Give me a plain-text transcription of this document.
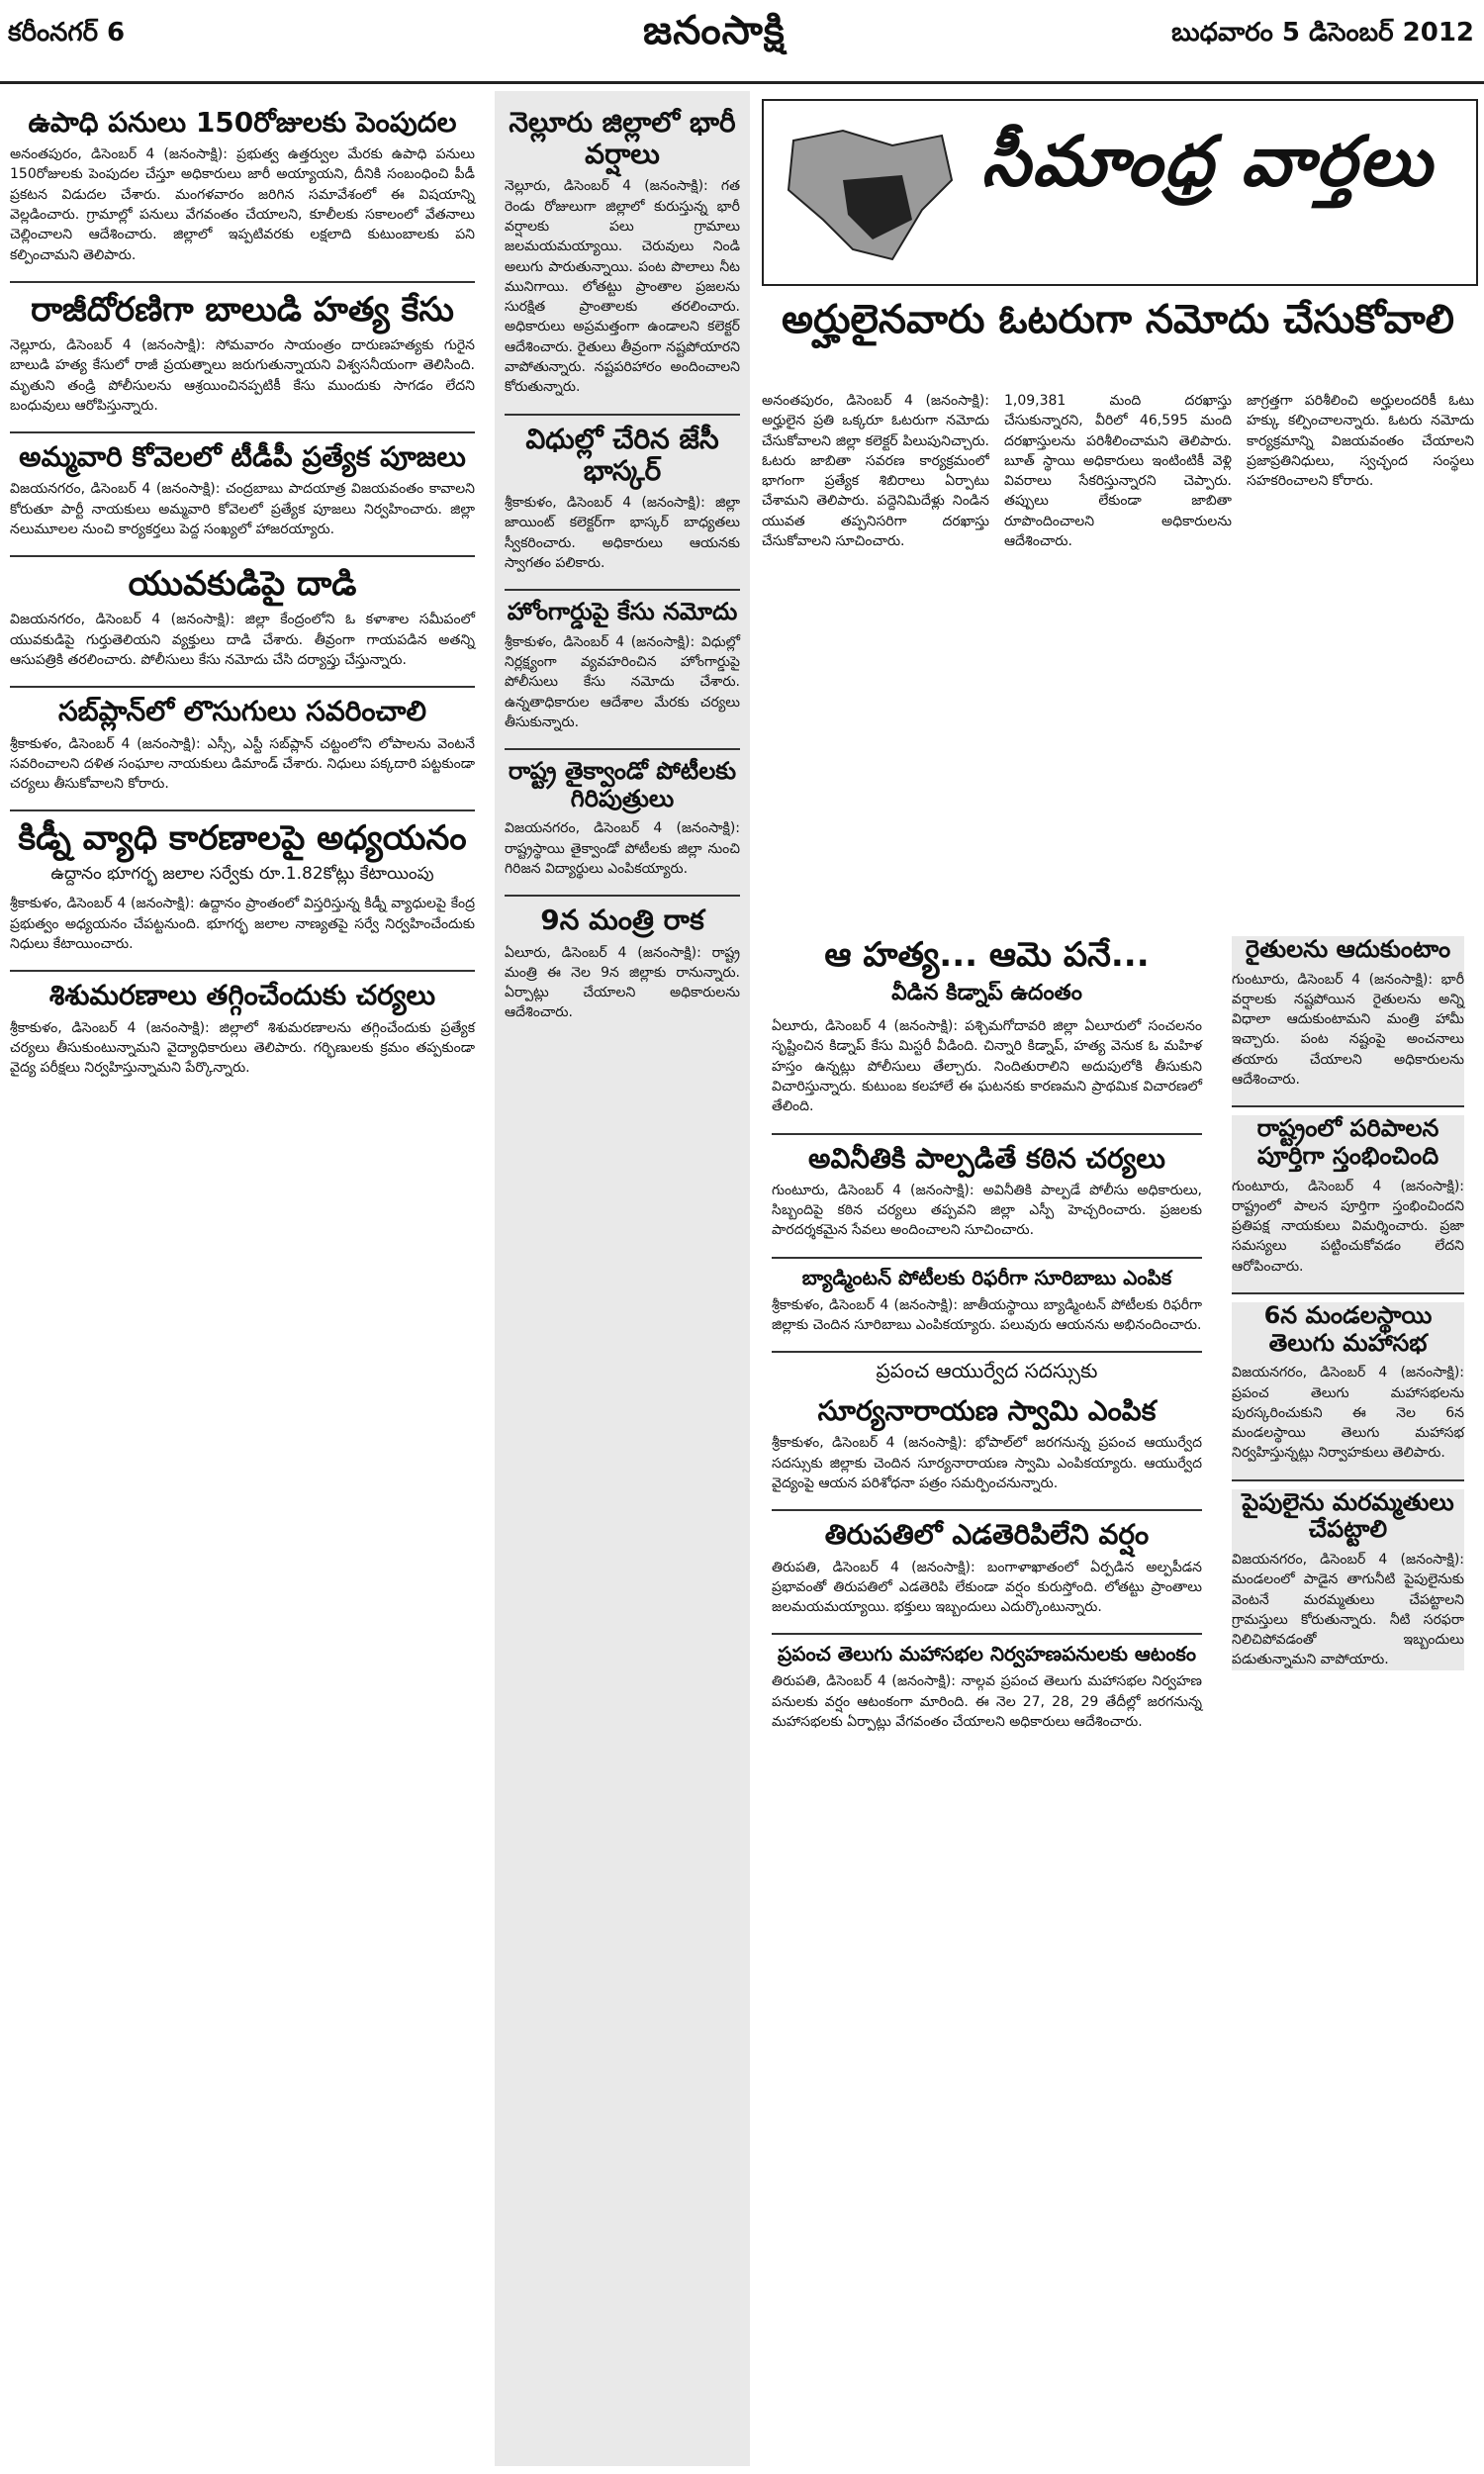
కరీంనగర్ 6	జనంసాక్షి	బుధవారం 5 డిసెంబర్ 2012
ఉపాధి పనులు 150రోజులకు పెంపుదల

అనంతపురం, డిసెంబర్ 4 (జనంసాక్షి): ప్రభుత్వ ఉత్తర్వుల మేరకు ఉపాధి పనులు 150రోజులకు పెంపుదల చేస్తూ అధికారులు జారీ అయ్యాయని, దీనికి సంబంధించి పీడీ ప్రకటన విడుదల చేశారు. మంగళవారం జరిగిన సమావేశంలో ఈ విషయాన్ని వెల్లడించారు. గ్రామాల్లో పనులు వేగవంతం చేయాలని, కూలీలకు సకాలంలో వేతనాలు చెల్లించాలని ఆదేశించారు. జిల్లాలో ఇప్పటివరకు లక్షలాది కుటుంబాలకు పని కల్పించామని తెలిపారు.

రాజీదోరణిగా బాలుడి హత్య కేసు

నెల్లూరు, డిసెంబర్ 4 (జనంసాక్షి): సోమవారం సాయంత్రం దారుణహత్యకు గురైన బాలుడి హత్య కేసులో రాజీ ప్రయత్నాలు జరుగుతున్నాయని విశ్వసనీయంగా తెలిసింది. మృతుని తండ్రి పోలీసులను ఆశ్రయించినప్పటికీ కేసు ముందుకు సాగడం లేదని బంధువులు ఆరోపిస్తున్నారు.

అమ్మవారి కోవెలలో టీడీపీ ప్రత్యేక పూజలు

విజయనగరం, డిసెంబర్ 4 (జనంసాక్షి): చంద్రబాబు పాదయాత్ర విజయవంతం కావాలని కోరుతూ పార్టీ నాయకులు అమ్మవారి కోవెలలో ప్రత్యేక పూజలు నిర్వహించారు. జిల్లా నలుమూలల నుంచి కార్యకర్తలు పెద్ద సంఖ్యలో హాజరయ్యారు.

యువకుడిపై దాడి

విజయనగరం, డిసెంబర్ 4 (జనంసాక్షి): జిల్లా కేంద్రంలోని ఓ కళాశాల సమీపంలో యువకుడిపై గుర్తుతెలియని వ్యక్తులు దాడి చేశారు. తీవ్రంగా గాయపడిన అతన్ని ఆసుపత్రికి తరలించారు. పోలీసులు కేసు నమోదు చేసి దర్యాప్తు చేస్తున్నారు.

సబ్‌ప్లాన్‌లో లొసుగులు సవరించాలి

శ్రీకాకుళం, డిసెంబర్ 4 (జనంసాక్షి): ఎస్సీ, ఎస్టీ సబ్‌ప్లాన్ చట్టంలోని లోపాలను వెంటనే సవరించాలని దళిత సంఘాల నాయకులు డిమాండ్ చేశారు. నిధులు పక్కదారి పట్టకుండా చర్యలు తీసుకోవాలని కోరారు.

కిడ్నీ వ్యాధి కారణాలపై అధ్యయనం
ఉద్దానం భూగర్భ జలాల సర్వేకు రూ.1.82కోట్లు కేటాయింపు

శ్రీకాకుళం, డిసెంబర్ 4 (జనంసాక్షి): ఉద్దానం ప్రాంతంలో విస్తరిస్తున్న కిడ్నీ వ్యాధులపై కేంద్ర ప్రభుత్వం అధ్యయనం చేపట్టనుంది. భూగర్భ జలాల నాణ్యతపై సర్వే నిర్వహించేందుకు నిధులు కేటాయించారు.

శిశుమరణాలు తగ్గించేందుకు చర్యలు

శ్రీకాకుళం, డిసెంబర్ 4 (జనంసాక్షి): జిల్లాలో శిశుమరణాలను తగ్గించేందుకు ప్రత్యేక చర్యలు తీసుకుంటున్నామని వైద్యాధికారులు తెలిపారు. గర్భిణులకు క్రమం తప్పకుండా వైద్య పరీక్షలు నిర్వహిస్తున్నామని పేర్కొన్నారు.

నెల్లూరు జిల్లాలో భారీ వర్షాలు

నెల్లూరు, డిసెంబర్ 4 (జనంసాక్షి): గత రెండు రోజులుగా జిల్లాలో కురుస్తున్న భారీ వర్షాలకు పలు గ్రామాలు జలమయమయ్యాయి. చెరువులు నిండి అలుగు పారుతున్నాయి. పంట పొలాలు నీట మునిగాయి. లోతట్టు ప్రాంతాల ప్రజలను సురక్షిత ప్రాంతాలకు తరలించారు. అధికారులు అప్రమత్తంగా ఉండాలని కలెక్టర్ ఆదేశించారు. రైతులు తీవ్రంగా నష్టపోయారని వాపోతున్నారు. నష్టపరిహారం అందించాలని కోరుతున్నారు.

విధుల్లో చేరిన జేసీ భాస్కర్

శ్రీకాకుళం, డిసెంబర్ 4 (జనంసాక్షి): జిల్లా జాయింట్ కలెక్టర్‌గా భాస్కర్ బాధ్యతలు స్వీకరించారు. అధికారులు ఆయనకు స్వాగతం పలికారు.

హోంగార్డుపై కేసు నమోదు

శ్రీకాకుళం, డిసెంబర్ 4 (జనంసాక్షి): విధుల్లో నిర్లక్ష్యంగా వ్యవహరించిన హోంగార్డుపై పోలీసులు కేసు నమోదు చేశారు. ఉన్నతాధికారుల ఆదేశాల మేరకు చర్యలు తీసుకున్నారు.

రాష్ట్ర తైక్వాండో పోటీలకు గిరిపుత్రులు

విజయనగరం, డిసెంబర్ 4 (జనంసాక్షి): రాష్ట్రస్థాయి తైక్వాండో పోటీలకు జిల్లా నుంచి గిరిజన విద్యార్థులు ఎంపికయ్యారు.

9న మంత్రి రాక

ఏలూరు, డిసెంబర్ 4 (జనంసాక్షి): రాష్ట్ర మంత్రి ఈ నెల 9న జిల్లాకు రానున్నారు. ఏర్పాట్లు చేయాలని అధికారులను ఆదేశించారు.

సీమాంధ్ర వార్తలు
అర్హులైనవారు ఓటరుగా నమోదు చేసుకోవాలి

అనంతపురం, డిసెంబర్ 4 (జనంసాక్షి): అర్హులైన ప్రతి ఒక్కరూ ఓటరుగా నమోదు చేసుకోవాలని జిల్లా కలెక్టర్ పిలుపునిచ్చారు. ఓటరు జాబితా సవరణ కార్యక్రమంలో భాగంగా ప్రత్యేక శిబిరాలు ఏర్పాటు చేశామని తెలిపారు. పద్దెనిమిదేళ్లు నిండిన యువత తప్పనిసరిగా దరఖాస్తు చేసుకోవాలని సూచించారు.

1,09,381 మంది దరఖాస్తు చేసుకున్నారని, వీరిలో 46,595 మంది దరఖాస్తులను పరిశీలించామని తెలిపారు. బూత్ స్థాయి అధికారులు ఇంటింటికీ వెళ్లి వివరాలు సేకరిస్తున్నారని చెప్పారు. తప్పులు లేకుండా జాబితా రూపొందించాలని అధికారులను ఆదేశించారు.

జాగ్రత్తగా పరిశీలించి అర్హులందరికీ ఓటు హక్కు కల్పించాలన్నారు. ఓటరు నమోదు కార్యక్రమాన్ని విజయవంతం చేయాలని ప్రజాప్రతినిధులు, స్వచ్ఛంద సంస్థలు సహకరించాలని కోరారు.

ఆ హత్య... ఆమె పనే...
వీడిన కిడ్నాప్ ఉదంతం

ఏలూరు, డిసెంబర్ 4 (జనంసాక్షి): పశ్చిమగోదావరి జిల్లా ఏలూరులో సంచలనం సృష్టించిన కిడ్నాప్ కేసు మిస్టరీ వీడింది. చిన్నారి కిడ్నాప్, హత్య వెనుక ఓ మహిళ హస్తం ఉన్నట్లు పోలీసులు తేల్చారు. నిందితురాలిని అదుపులోకి తీసుకుని విచారిస్తున్నారు. కుటుంబ కలహాలే ఈ ఘటనకు కారణమని ప్రాథమిక విచారణలో తేలింది.

అవినీతికి పాల్పడితే కఠిన చర్యలు

గుంటూరు, డిసెంబర్ 4 (జనంసాక్షి): అవినీతికి పాల్పడే పోలీసు అధికారులు, సిబ్బందిపై కఠిన చర్యలు తప్పవని జిల్లా ఎస్పీ హెచ్చరించారు. ప్రజలకు పారదర్శకమైన సేవలు అందించాలని సూచించారు.

బ్యాడ్మింటన్ పోటీలకు రిఫరీగా సూరిబాబు ఎంపిక

శ్రీకాకుళం, డిసెంబర్ 4 (జనంసాక్షి): జాతీయస్థాయి బ్యాడ్మింటన్ పోటీలకు రిఫరీగా జిల్లాకు చెందిన సూరిబాబు ఎంపికయ్యారు. పలువురు ఆయనను అభినందించారు.

ప్రపంచ ఆయుర్వేద సదస్సుకు
సూర్యనారాయణ స్వామి ఎంపిక

శ్రీకాకుళం, డిసెంబర్ 4 (జనంసాక్షి): భోపాల్‌లో జరగనున్న ప్రపంచ ఆయుర్వేద సదస్సుకు జిల్లాకు చెందిన సూర్యనారాయణ స్వామి ఎంపికయ్యారు. ఆయుర్వేద వైద్యంపై ఆయన పరిశోధనా పత్రం సమర్పించనున్నారు.

తిరుపతిలో ఎడతెరిపిలేని వర్షం

తిరుపతి, డిసెంబర్ 4 (జనంసాక్షి): బంగాళాఖాతంలో ఏర్పడిన అల్పపీడన ప్రభావంతో తిరుపతిలో ఎడతెరిపి లేకుండా వర్షం కురుస్తోంది. లోతట్టు ప్రాంతాలు జలమయమయ్యాయి. భక్తులు ఇబ్బందులు ఎదుర్కొంటున్నారు.

ప్రపంచ తెలుగు మహాసభల నిర్వహణపనులకు ఆటంకం

తిరుపతి, డిసెంబర్ 4 (జనంసాక్షి): నాల్గవ ప్రపంచ తెలుగు మహాసభల నిర్వహణ పనులకు వర్షం ఆటంకంగా మారింది. ఈ నెల 27, 28, 29 తేదీల్లో జరగనున్న మహాసభలకు ఏర్పాట్లు వేగవంతం చేయాలని అధికారులు ఆదేశించారు.

రైతులను ఆదుకుంటాం

గుంటూరు, డిసెంబర్ 4 (జనంసాక్షి): భారీ వర్షాలకు నష్టపోయిన రైతులను అన్ని విధాలా ఆదుకుంటామని మంత్రి హామీ ఇచ్చారు. పంట నష్టంపై అంచనాలు తయారు చేయాలని అధికారులను ఆదేశించారు.

రాష్ట్రంలో పరిపాలన పూర్తిగా స్తంభించింది

గుంటూరు, డిసెంబర్ 4 (జనంసాక్షి): రాష్ట్రంలో పాలన పూర్తిగా స్తంభించిందని ప్రతిపక్ష నాయకులు విమర్శించారు. ప్రజా సమస్యలు పట్టించుకోవడం లేదని ఆరోపించారు.

6న మండలస్థాయి తెలుగు మహాసభ

విజయనగరం, డిసెంబర్ 4 (జనంసాక్షి): ప్రపంచ తెలుగు మహాసభలను పురస్కరించుకుని ఈ నెల 6న మండలస్థాయి తెలుగు మహాసభ నిర్వహిస్తున్నట్లు నిర్వాహకులు తెలిపారు.

పైపులైను మరమ్మతులు చేపట్టాలి

విజయనగరం, డిసెంబర్ 4 (జనంసాక్షి): మండలంలో పాడైన తాగునీటి పైపులైనుకు వెంటనే మరమ్మతులు చేపట్టాలని గ్రామస్తులు కోరుతున్నారు. నీటి సరఫరా నిలిచిపోవడంతో ఇబ్బందులు పడుతున్నామని వాపోయారు.
